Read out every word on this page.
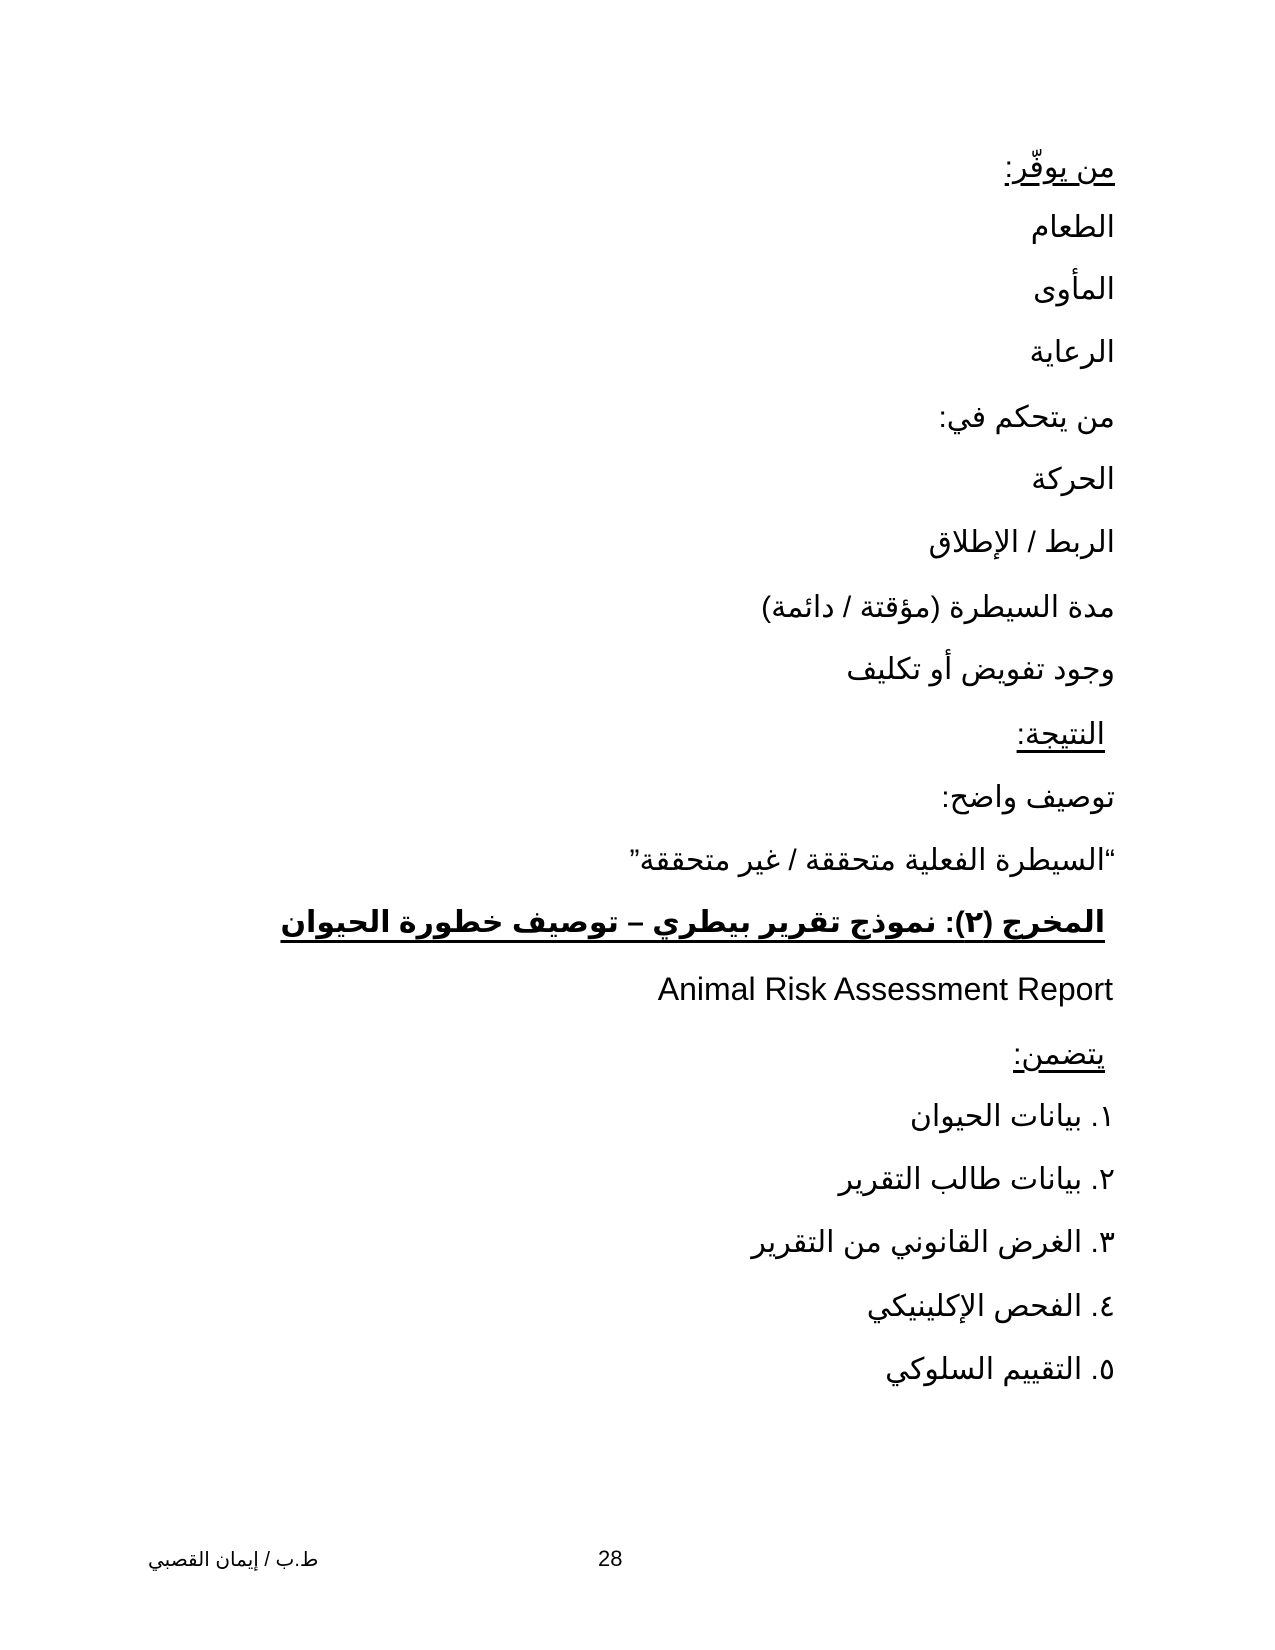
من يوفّر:
الطعام
المأوى
الرعاية
من يتحكم في:
الحركة
الربط / الإطلاق
مدة السيطرة (مؤقتة / دائمة)
وجود تفويض أو تكليف
النتيجة:
توصيف واضح:
“السيطرة الفعلية متحققة / غير متحققة”
المخرج (٢): نموذج تقرير بيطري – توصيف خطورة الحيوان
Animal Risk Assessment Report
يتضمن:
١. بيانات الحيوان
٢. بيانات طالب التقرير
٣. الغرض القانوني من التقرير
٤. الفحص الإكلينيكي
٥. التقييم السلوكي
ط.ب / إيمان القصبي	28
